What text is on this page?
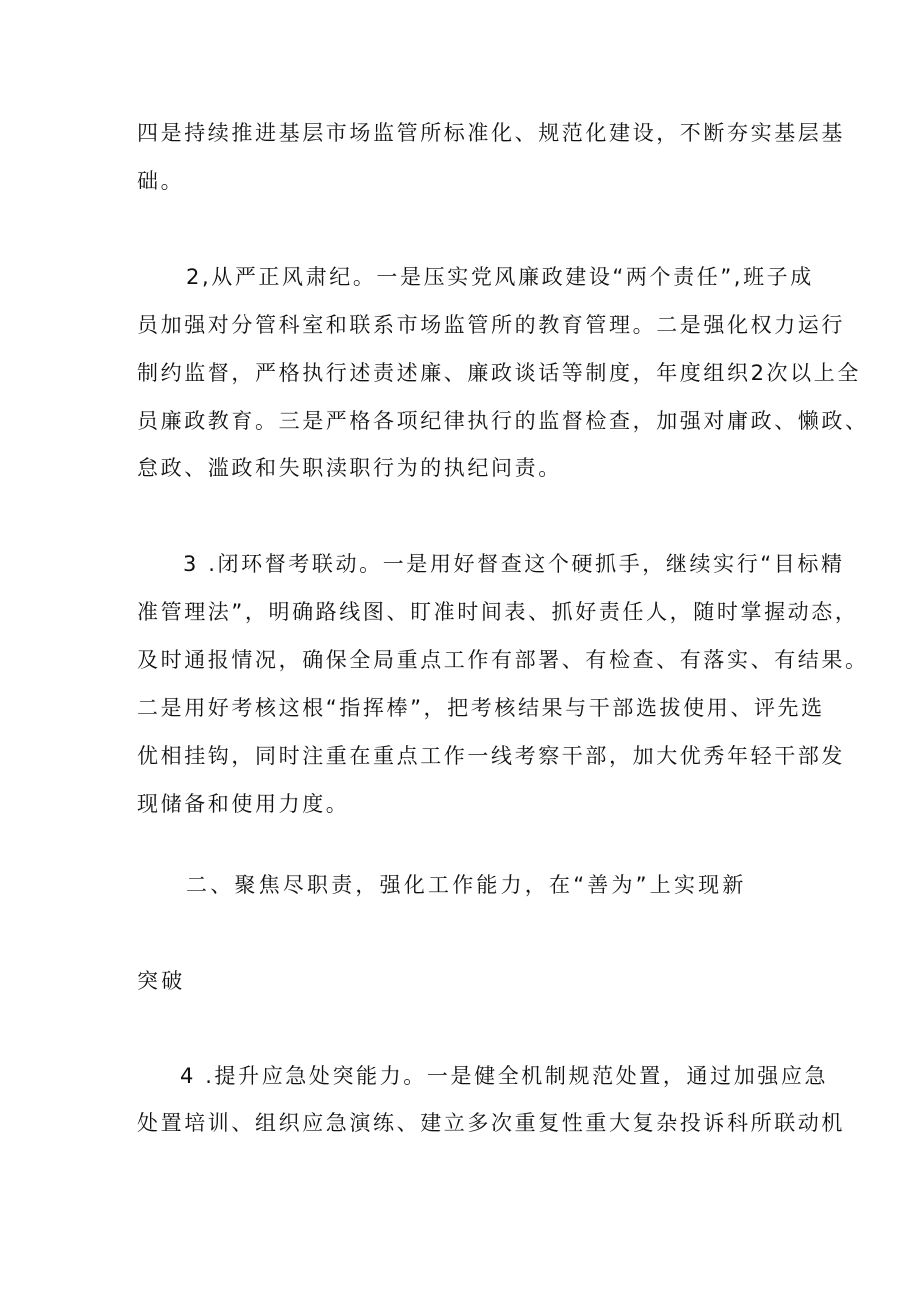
四是持续推进基层市场监管所标准化、规范化建设，不断夯实基层基

础。

2,从严正风肃纪。一是压实党风廉政建设“两个责任”,班子成

员加强对分管科室和联系市场监管所的教育管理。二是强化权力运行

制约监督，严格执行述责述廉、廉政谈话等制度，年度组织2次以上全

员廉政教育。三是严格各项纪律执行的监督检查，加强对庸政、懒政、

怠政、滥政和失职渎职行为的执纪问责。

3 .闭环督考联动。一是用好督查这个硬抓手，继续实行“目标精

准管理法”，明确路线图、盯准时间表、抓好责任人，随时掌握动态，

及时通报情况，确保全局重点工作有部署、有检查、有落实、有结果。

二是用好考核这根“指挥棒”，把考核结果与干部选拔使用、评先选

优相挂钩，同时注重在重点工作一线考察干部，加大优秀年轻干部发

现储备和使用力度。

二、聚焦尽职责，强化工作能力，在“善为”上实现新

突破

4 .提升应急处突能力。一是健全机制规范处置，通过加强应急

处置培训、组织应急演练、建立多次重复性重大复杂投诉科所联动机
